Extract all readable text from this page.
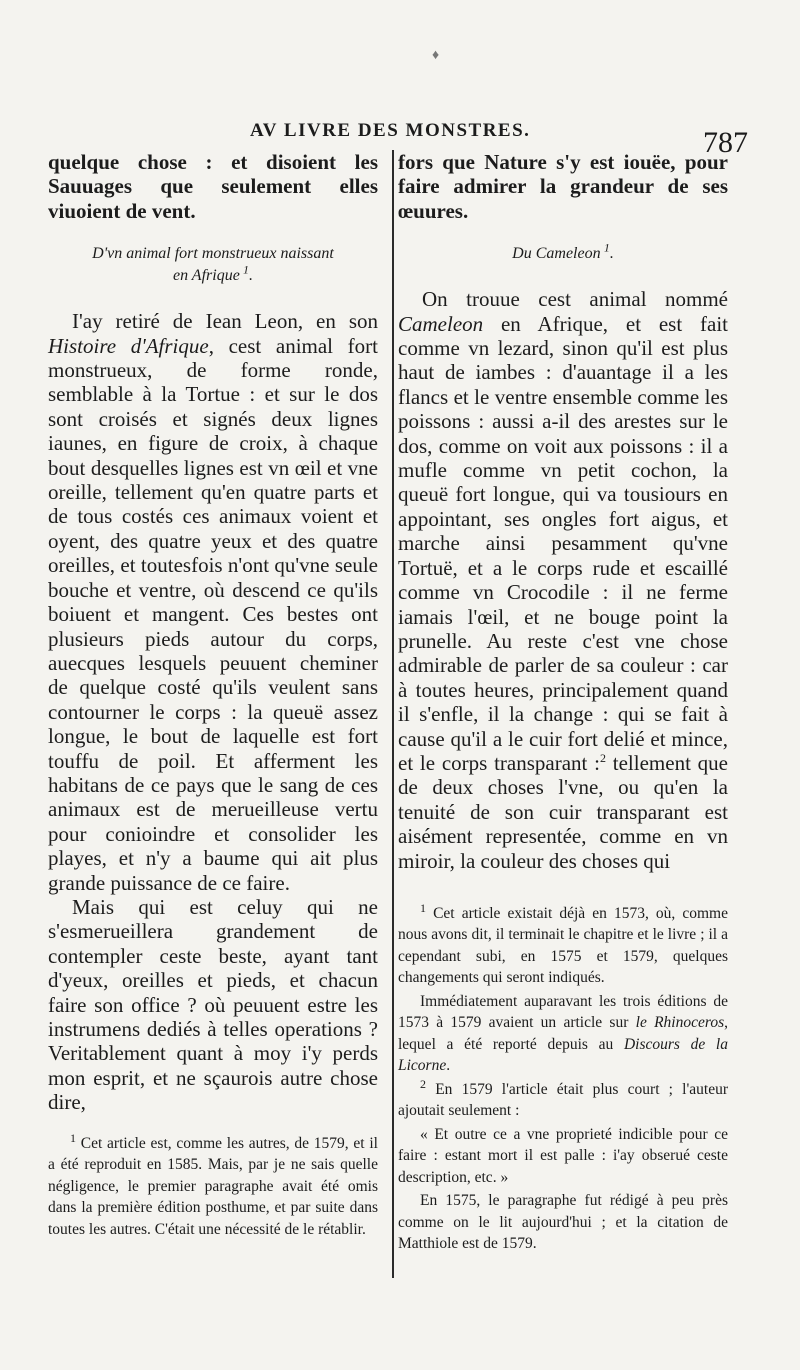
♦
AV LIVRE DES MONSTRES.	787

quelque chose : et disoient les Sauuages que seulement elles viuoient de vent.

D'vn animal fort monstrueux naissant
en Afrique  $^1$.

I'ay retiré de Iean Leon, en son Histoire d'Afrique, cest animal fort monstrueux, de forme ronde, semblable à la Tortue : et sur le dos sont croisés et signés deux lignes iaunes, en figure de croix, à chaque bout desquelles lignes est vn œil et vne oreille, tellement qu'en quatre parts et de tous costés ces animaux voient et oyent, des quatre yeux et des quatre oreilles, et toutesfois n'ont qu'vne seule bouche et ventre, où descend ce qu'ils boiuent et mangent. Ces bestes ont plusieurs pieds autour du corps, auecques lesquels peuuent cheminer de quelque costé qu'ils veulent sans contourner le corps : la queuë assez longue, le bout de laquelle est fort touffu de poil. Et afferment les habitans de ce pays que le sang de ces animaux est de merueilleuse vertu pour conioindre et consolider les playes, et n'y a baume qui ait plus grande puissance de ce faire.

Mais qui est celuy qui ne s'esmerueillera grandement de contempler ceste beste, ayant tant d'yeux, oreilles et pieds, et chacun faire son office ? où peuuent estre les instrumens dediés à telles operations ? Veritablement quant à moy i'y perds mon esprit, et ne sçaurois autre chose dire,

$^1$ Cet article est, comme les autres, de 1579, et il a été reproduit en 1585. Mais, par je ne sais quelle négligence, le premier paragraphe avait été omis dans la première édition posthume, et par suite dans toutes les autres. C'était une nécessité de le rétablir.

fors que Nature s'y est iouëe, pour faire admirer la grandeur de ses œuures.

Du Cameleon  $^1$.

On trouue cest animal nommé Cameleon en Afrique, et est fait comme vn lezard, sinon qu'il est plus haut de iambes : d'auantage il a les flancs et le ventre ensemble comme les poissons : aussi a-il des arestes sur le dos, comme on voit aux poissons : il a mufle comme vn petit cochon, la queuë fort longue, qui va tousiours en appointant, ses ongles fort aigus, et marche ainsi pesamment qu'vne Tortuë, et a le corps rude et escaillé comme vn Crocodile : il ne ferme iamais l'œil, et ne bouge point la prunelle. Au reste c'est vne chose admirable de parler de sa couleur : car à toutes heures, principalement quand il s'enfle, il la change : qui se fait à cause qu'il a le cuir fort delié et mince, et le corps transparant :$^2$ tellement que de deux choses l'vne, ou qu'en la tenuité de son cuir transparant est aisément representée, comme en vn miroir, la couleur des choses qui

$^1$ Cet article existait déjà en 1573, où, comme nous avons dit, il terminait le chapitre et le livre ; il a cependant subi, en 1575 et 1579, quelques changements qui seront indiqués.

Immédiatement auparavant les trois éditions de 1573 à 1579 avaient un article sur le Rhinoceros, lequel a été reporté depuis au Discours de la Licorne.

$^2$ En 1579 l'article était plus court ; l'auteur ajoutait seulement :

« Et outre ce a vne proprieté indicible pour ce faire : estant mort il est palle : i'ay obserué ceste description, etc. »

En 1575, le paragraphe fut rédigé à peu près comme on le lit aujourd'hui ; et la citation de Matthiole est de 1579.
